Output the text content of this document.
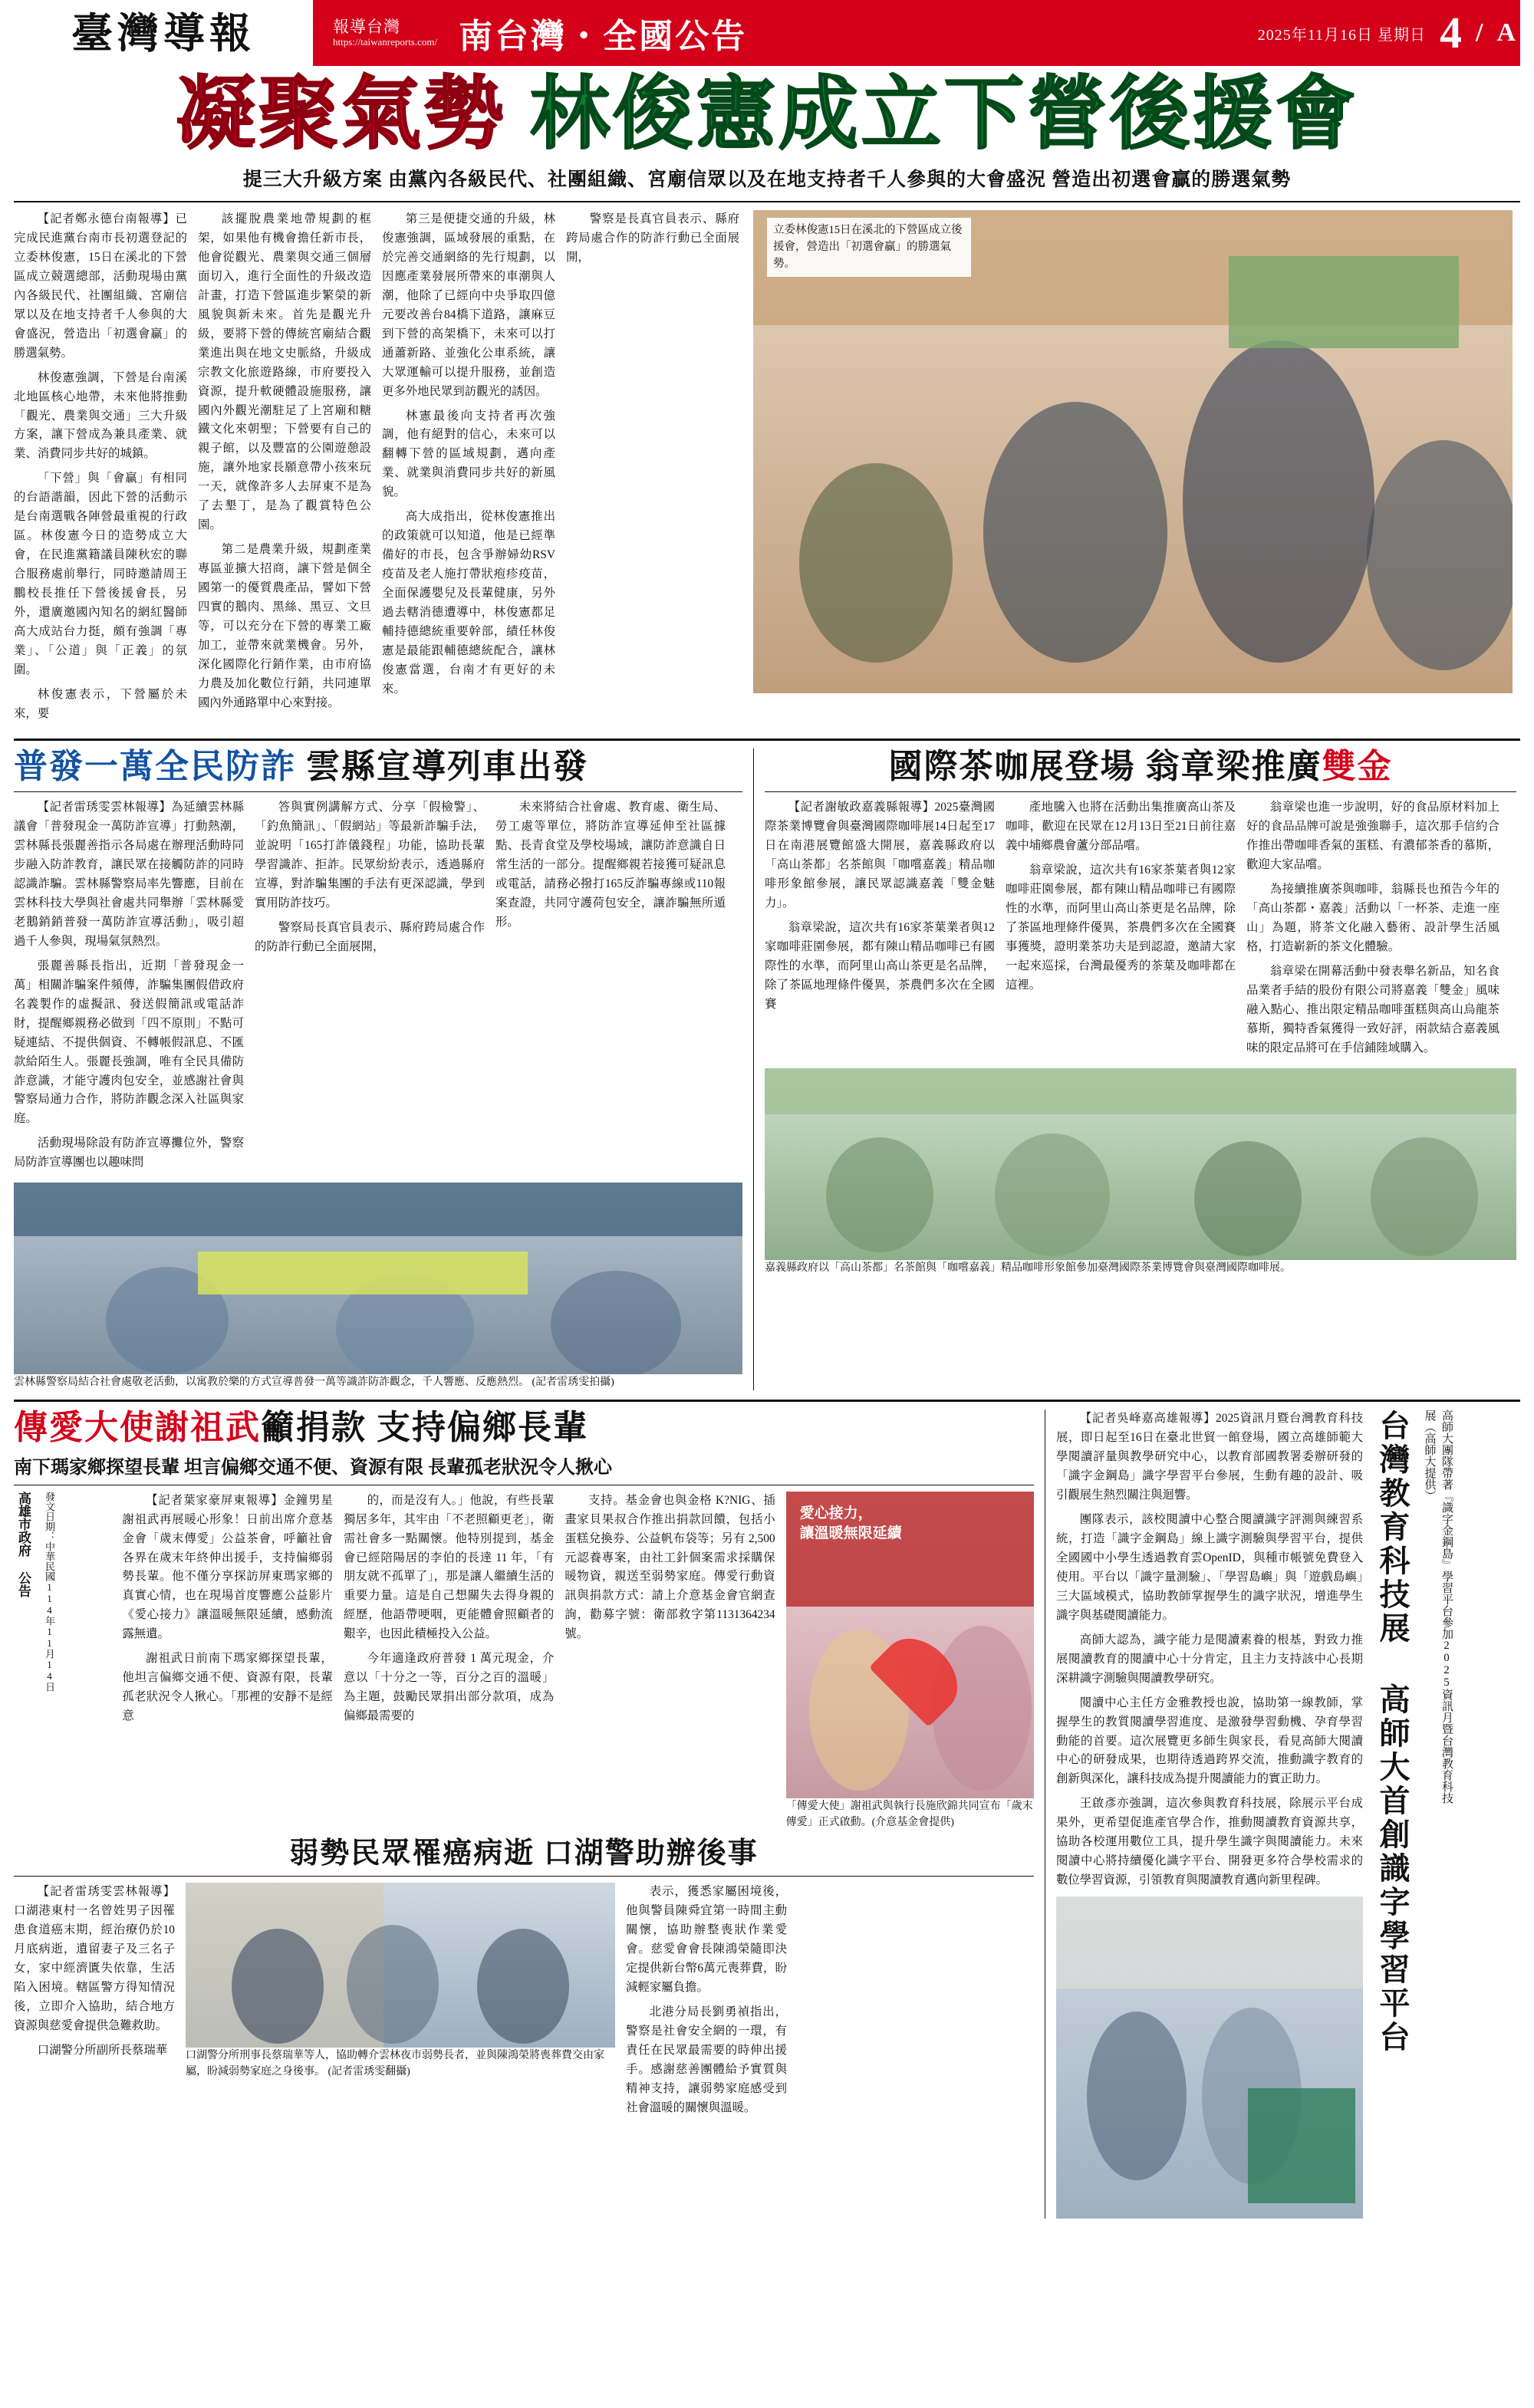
臺灣導報	報導台灣
https://taiwanreports.com/ 南台灣・全國公告	2025年11月16日 星期日 4 / A
凝聚氣勢 林俊憲成立下營後援會
提三大升級方案 由黨內各級民代、社團組織、宮廟信眾以及在地支持者千人參與的大會盛況 營造出初選會贏的勝選氣勢

【記者鄭永德台南報導】已完成民進黨台南市長初選登記的立委林俊憲，15日在溪北的下營區成立競選總部，活動現場由黨內各級民代、社團組織、宮廟信眾以及在地支持者千人參與的大會盛況，營造出「初選會贏」的勝選氣勢。

林俊憲強調，下營是台南溪北地區核心地帶，未來他將推動「觀光、農業與交通」三大升級方案，讓下營成為兼具產業、就業、消費同步共好的城鎮。

「下營」與「會贏」有相同的台語諧韻，因此下營的活動示是台南選戰各陣營最重視的行政區。林俊憲今日的造勢成立大會，在民進黨籍議員陳秋宏的聯合服務處前舉行，同時邀請周王鵬校長推任下營後援會長，另外，還廣邀國內知名的網紅醫師高大成站台力挺，頗有強調「專業」、「公道」與「正義」的氛圍。

林俊憲表示，下營屬於未來，要

該擺脫農業地帶規劃的框架，如果他有機會擔任新市長，他會從觀光、農業與交通三個層面切入，進行全面性的升級改造計畫，打造下營區進步繁榮的新風貌與新未來。首先是觀光升級，要將下營的傳統宮廟結合觀業進出與在地文史脈絡，升級成宗教文化旅遊路線，市府要投入資源，提升軟硬體設施服務，讓國內外觀光潮駐足了上宮廟和糖鐵文化來朝聖；下營要有自己的親子館，以及豐富的公園遊憩設施，讓外地家長願意帶小孩來玩一天，就像許多人去屏東不是為了去墾丁，是為了觀賞特色公園。

第二是農業升級，規劃產業專區並擴大招商，讓下營是個全國第一的優質農產品，譬如下營四實的鵝肉、黑絲、黑豆、文旦等，可以充分在下營的專業工廠加工，並帶來就業機會。另外，深化國際化行銷作業，由市府協力農及加化數位行銷，共同連單國內外通路單中心來對接。

第三是便捷交通的升級，林俊憲強調，區域發展的重點，在於完善交通網絡的先行規劃，以因應產業發展所帶來的車潮與人潮，他除了已經向中央爭取四億元要改善台84橋下道路，讓麻豆到下營的高架橋下，未來可以打通蕭新路、並強化公車系統，讓大眾運輸可以提升服務，並創造更多外地民眾到訪觀光的誘因。

林憲最後向支持者再次強調，他有絕對的信心，未來可以翻轉下營的區域規劃，邁向產業、就業與消費同步共好的新風貌。

高大成指出，從林俊憲推出的政策就可以知道，他是已經準備好的市長，包含爭辦婦幼RSV疫苗及老人施打帶狀疱疹疫苗，全面保護嬰兒及長輩健康，另外過去轄消德遭導中，林俊憲都足輔持德總統重要幹部，績任林俊憲是最能跟輔德總統配合，讓林俊憲當選，台南才有更好的未來。

警察是長真官員表示、縣府跨局處合作的防詐行動已全面展開，

立委林俊憲15日在溪北的下營區成立後援會，營造出「初選會贏」的勝選氣勢。
普發一萬全民防詐 雲縣宣導列車出發

【記者雷琇雯雲林報導】為延續雲林縣議會「普發現金一萬防詐宣導」打動熱潮，雲林縣長張麗善指示各局處在辦理活動時同步融入防詐教育，讓民眾在接觸防詐的同時認識詐騙。雲林縣警察局率先響應，目前在雲林科技大學與社會處共同舉辦「雲林縣愛老鵝銷銷普發一萬防詐宣導活動」，吸引超過千人參與，現場氣氛熱烈。

張麗善縣長指出，近期「普發現金一萬」相關詐騙案件頻傳，詐騙集團假借政府名義製作的虛擬訊、發送假簡訊或電話詐財，提醒鄉親務必做到「四不原則」不點可疑連結、不提供個資、不轉帳假訊息、不匯款給陌生人。張麗長強調，唯有全民具備防詐意識，才能守護肉包安全，並感謝社會與警察局通力合作，將防詐觀念深入社區與家庭。

活動現場除設有防詐宣導攤位外，警察局防詐宣導團也以趣味問

答與實例講解方式、分享「假檢警」、「釣魚簡訊」、「假網站」等最新詐騙手法，並說明「165打詐儀錢程」功能，協助長輩學習識詐、拒詐。民眾紛紛表示，透過縣府宣導，對詐騙集團的手法有更深認識，學到實用防詐技巧。

警察局長真官員表示、縣府跨局處合作的防詐行動已全面展開，

未來將結合社會處、教育處、衛生局、勞工處等單位，將防詐宣導延伸至社區據點、長青食堂及學校場域，讓防詐意識自日常生活的一部分。提醒鄉親若接獲可疑訊息或電話，請務必撥打165反詐騙專線或110報案查證，共同守護荷包安全，讓詐騙無所遁形。

雲林縣警察局結合社會處敬老活動，以寓教於樂的方式宣導普發一萬等識詐防詐觀念，千人響應、反應熱烈。 (記者雷琇雯拍攝)
國際茶咖展登場 翁章梁推廣雙金

【記者謝敏政嘉義縣報導】2025臺灣國際茶業博覽會與臺灣國際咖啡展14日起至17日在南港展覽館盛大開展，嘉義縣政府以「高山茶都」名茶館與「咖嚐嘉義」精品咖啡形象館參展，讓民眾認識嘉義「雙金魅力」。

翁章梁說，這次共有16家茶葉業者與12家咖啡莊園參展，都有陳山精品咖啡已有國際性的水準，而阿里山高山茶更是名品牌，除了茶區地理條件優異，茶農們多次在全國賽

產地騰入也將在活動出集推廣高山茶及咖啡，歡迎在民眾在12月13日至21日前往嘉義中埔鄉農會蘆分部品嚐。

翁章梁說，這次共有16家茶葉者與12家咖啡莊園參展，都有陳山精品咖啡已有國際性的水準，而阿里山高山茶更是名品牌，除了茶區地理條件優異，茶農們多次在全國賽事獲獎，證明業茶功夫是到認證，邀請大家一起來巡採，台灣最優秀的茶葉及咖啡都在這裡。

翁章梁也進一步說明，好的食品原材料加上好的食品品牌可說是強強聯手，這次那手信約合作推出帶咖啡香氣的蛋糕、有濃郁茶香的慕斯，歡迎大家品嚐。

為接續推廣茶與咖啡，翁縣長也預告今年的「高山茶都・嘉義」活動以「一杯茶、走進一座山」為題，將茶文化融入藝術、設計學生活風格，打造嶄新的茶文化體驗。

翁章梁在開幕活動中發表舉名新品，知名食品業者手結的股份有限公司將嘉義「雙金」風味融入點心、推出限定精品咖啡蛋糕與高山烏龍茶慕斯，獨特香氣獲得一致好評，兩款結合嘉義風味的限定品將可在手信鋪陸域購入。

嘉義縣政府以「高山茶都」名茶館與「咖嚐嘉義」精品咖啡形象館參加臺灣國際茶業博覽會與臺灣國際咖啡展。
傳愛大使謝祖武籲捐款 支持偏鄉長輩
南下瑪家鄉探望長輩 坦言偏鄉交通不便、資源有限 長輩孤老狀況令人揪心
高雄市政府 公告 發文日期：中華民國114年11月14日	【記者葉家豪屏東報導】金鐘男星謝祖武再展暖心形象！日前出席介意基金會「歲末傳愛」公益茶會，呼籲社會各界在歲末年終伸出援手，支持偏鄉弱勢長輩。他不僅分享探訪屏東瑪家鄉的真實心情，也在現場首度響應公益影片《愛心接力》讓溫暖無限延續，感動流露無遺。

謝祖武日前南下瑪家鄉探望長輩，他坦言偏鄉交通不便、資源有限，長輩孤老狀況令人揪心。「那裡的安靜不是經意

的，而是沒有人。」他說，有些長輩獨居多年，其牢由「不老照顧更老」，衛需社會多一點關懷。他特別提到，基金會已經陪陽居的李伯的長達 11 年，「有朋友就不孤單了」，那是讓人繼續生活的重要力量。這是自己想關失去得身親的經歷，他語帶哽咽，更能體會照顧者的艱辛，也因此積極投入公益。

今年適逢政府普發 1 萬元現金，介意以「十分之一等，百分之百的溫暖」為主題，鼓勵民眾捐出部分款項，成為偏鄉最需要的

支持。基金會也與金格 K?NIG、插畫家貝果叔合作推出捐款回饋，包括小蛋糕兌換券、公益帆布袋等；另有 2,500 元認養專案，由社工針個案需求採購保暖物資，親送至弱勢家庭。傳愛行動資訊與捐款方式：請上介意基金會官網查詢，勸募字號：衛部救字第1131364234號。

愛心接力，
讓溫暖無限延續
「傳愛大使」謝祖武與執行長施欣錦共同宣布「歲末傳愛」正式啟動。(介意基金會提供)
弱勢民眾罹癌病逝 口湖警助辦後事

【記者雷琇雯雲林報導】口湖港東村一名曾姓男子因罹患食道癌末期，經治療仍於10月底病逝，遺留妻子及三名子女，家中經濟匱失依靠，生活陷入困境。轄區警方得知情況後，立即介入協助，結合地方資源與慈愛會提供急難救助。

口湖警分所副所長蔡瑞華	口湖警分所刑事長蔡瑞華等人，協助轉介雲林夜市弱勢長者，並與陳鴻榮將喪葬費交由家屬，盼減弱勢家庭之身後事。 (記者雷琇雯翻攝)

表示，獲悉家屬困境後，他與警員陳舜宜第一時間主動關懷，協助辦整喪狀作業愛會。慈愛會會長陳鴻榮隨即決定提供新台幣6萬元喪葬費，盼減輕家屬負擔。

北港分局長劉勇禎指出，警察是社會安全網的一環，有責任在民眾最需要的時伸出援手。感謝慈善團體給予實質與精神支持，讓弱勢家庭感受到社會溫暖的關懷與溫暖。

【記者吳峰嘉高雄報導】2025資訊月暨台灣教育科技展，即日起至16日在臺北世貿一館登場，國立高雄師範大學閱讀評量與教學研究中心，以教育部國教署委辦研發的「識字金鋼島」識字學習平台參展，生動有趣的設計、吸引觀展生熱烈關注與迴響。

團隊表示，該校閱讀中心整合閱讀識字評測與練習系統，打造「識字金鋼島」線上識字測驗與學習平台，提供全國國中小學生透過教育雲OpenID，與種市帳號免費登入使用。平台以「識字量測驗」、「學習島嶼」與「遊戲島嶼」三大區域模式，協助教師掌握學生的識字狀況，增進學生識字與基礎閱讀能力。

高師大認為，識字能力是閱讀素養的根基，對致力推展閱讀教育的閱讀中心十分肯定，且主力支持該中心長期深耕識字測驗與閱讀教學研究。

閱讀中心主任方金雅教授也說，協助第一線教師，掌握學生的教質閱讀學習進度、是激發學習動機、孕育學習動能的首要。這次展覽更多師生與家長，看見高師大閱讀中心的研發成果，也期待透過跨界交流，推動識字教育的創新與深化，讓科技成為提升閱讀能力的實正助力。

王啟彥亦強調，這次參與教育科技展，除展示平台成果外，更希望促進產官學合作，推動閱讀教育資源共享，協助各校運用數位工具，提升學生識字與閱讀能力。未來閱讀中心將持續優化識字平台、開發更多符合學校需求的數位學習資源，引領教育與閱讀教育邁向新里程碑。	台灣教育科技展 高師大首創識字學習平台	高師大團隊帶著『識字金鋼島』學習平台參加2025資訊月暨台灣教育科技展（高師大提供）
